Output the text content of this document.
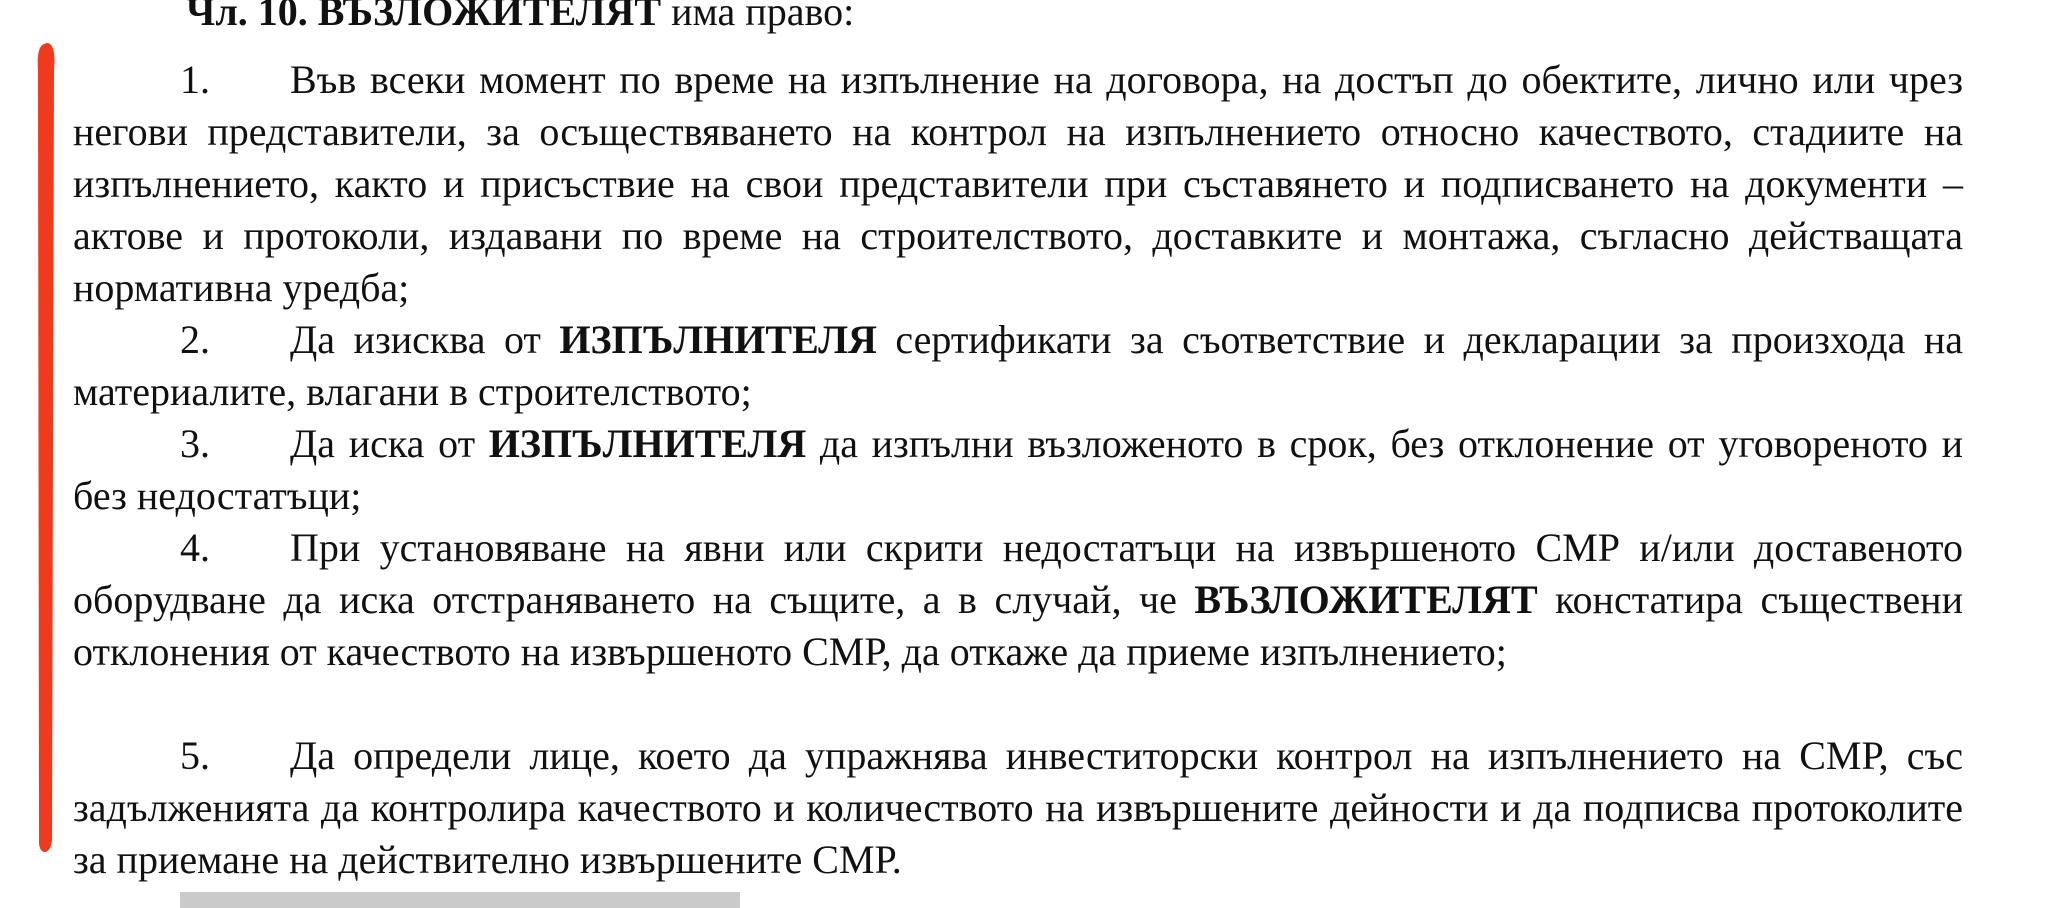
Чл. 10. ВЪЗЛОЖИТЕЛЯТ има право:
1. Във всеки момент по време на изпълнение на договора, на достъп до обектите, лично или чрез негови представители, за осъществяването на контрол на изпълнението относно качеството, стадиите на изпълнението, както и присъствие на свои представители при съставянето и подписването на документи – актове и протоколи, издавани по време на строителството, доставките и монтажа, съгласно действащата нормативна уредба;
2. Да изисква от ИЗПЪЛНИТЕЛЯ сертификати за съответствие и декларации за произхода на материалите, влагани в строителството;
3. Да иска от ИЗПЪЛНИТЕЛЯ да изпълни възложеното в срок, без отклонение от уговореното и без недостатъци;
4. При установяване на явни или скрити недостатъци на извършеното СМР и/или доставеното оборудване да иска отстраняването на същите, а в случай, че ВЪЗЛОЖИТЕЛЯТ констатира съществени отклонения от качеството на извършеното СМР, да откаже да приеме изпълнението;
5. Да определи лице, което да упражнява инвеститорски контрол на изпълнението на СМР, със задълженията да контролира качеството и количеството на извършените дейности и да подписва протоколите за приемане на действително извършените СМР.
